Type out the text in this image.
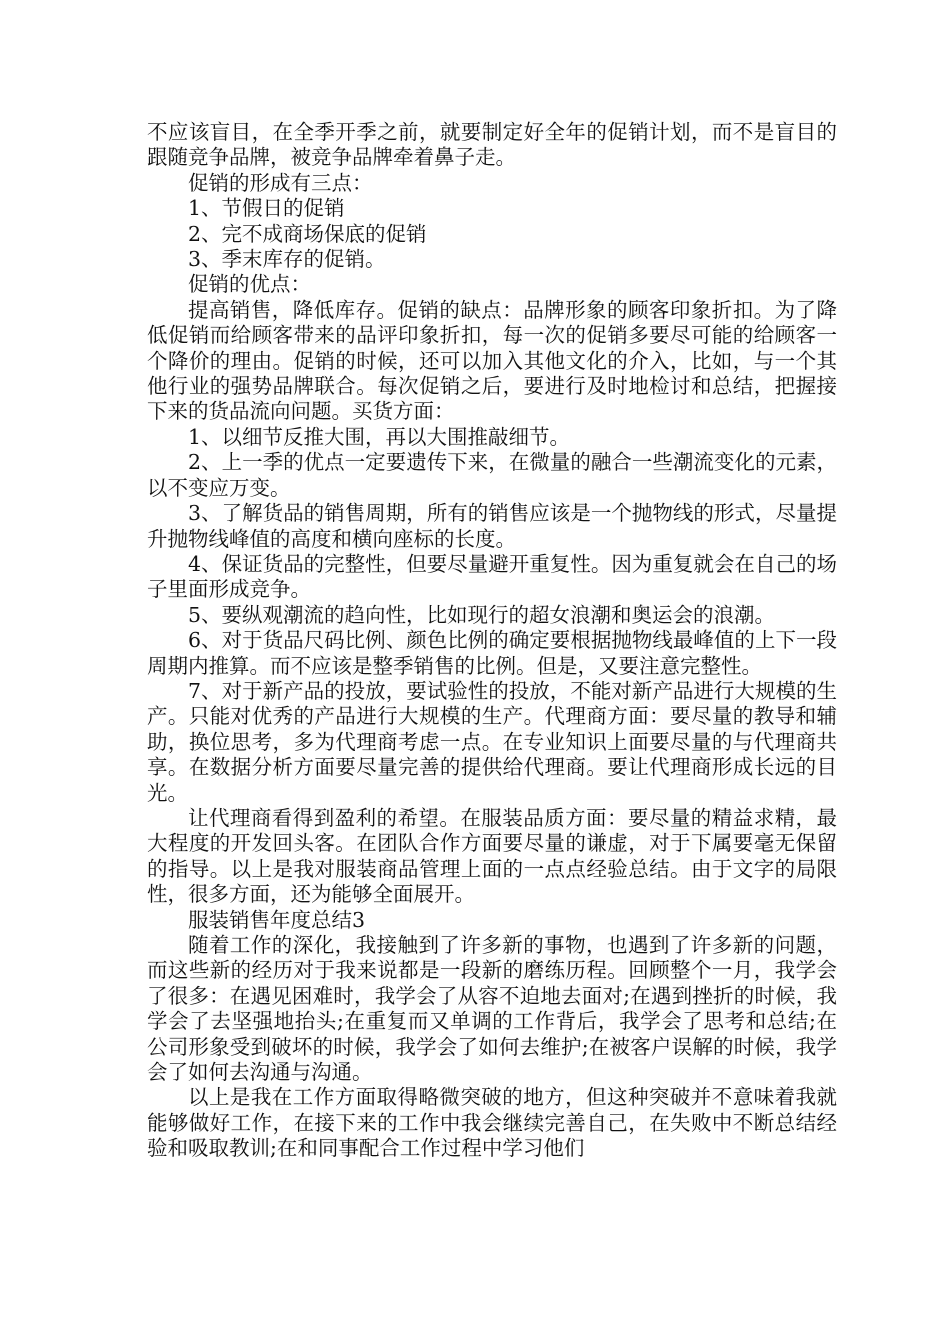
不应该盲目，在全季开季之前，就要制定好全年的促销计划，而不是盲目的跟随竞争品牌，被竞争品牌牵着鼻子走。

促销的形成有三点：

1、节假日的促销

2、完不成商场保底的促销

3、季末库存的促销。

促销的优点：

提高销售，降低库存。促销的缺点：品牌形象的顾客印象折扣。为了降低促销而给顾客带来的品评印象折扣，每一次的促销多要尽可能的给顾客一个降价的理由。促销的时候，还可以加入其他文化的介入，比如，与一个其他行业的强势品牌联合。每次促销之后，要进行及时地检讨和总结，把握接下来的货品流向问题。买货方面：

1、以细节反推大围，再以大围推敲细节。

2、上一季的优点一定要遗传下来，在微量的融合一些潮流变化的元素，以不变应万变。

3、了解货品的销售周期，所有的销售应该是一个抛物线的形式，尽量提升抛物线峰值的高度和横向座标的长度。

4、保证货品的完整性，但要尽量避开重复性。因为重复就会在自己的场子里面形成竞争。

5、要纵观潮流的趋向性，比如现行的超女浪潮和奥运会的浪潮。

6、对于货品尺码比例、颜色比例的确定要根据抛物线最峰值的上下一段周期内推算。而不应该是整季销售的比例。但是，又要注意完整性。

7、对于新产品的投放，要试验性的投放，不能对新产品进行大规模的生产。只能对优秀的产品进行大规模的生产。代理商方面：要尽量的教导和辅助，换位思考，多为代理商考虑一点。在专业知识上面要尽量的与代理商共享。在数据分析方面要尽量完善的提供给代理商。要让代理商形成长远的目光。

让代理商看得到盈利的希望。在服装品质方面：要尽量的精益求精，最大程度的开发回头客。在团队合作方面要尽量的谦虚，对于下属要毫无保留的指导。以上是我对服装商品管理上面的一点点经验总结。由于文字的局限性，很多方面，还为能够全面展开。

服装销售年度总结3

随着工作的深化，我接触到了许多新的事物，也遇到了许多新的问题，而这些新的经历对于我来说都是一段新的磨练历程。回顾整个一月，我学会了很多：在遇见困难时，我学会了从容不迫地去面对;在遇到挫折的时候，我学会了去坚强地抬头;在重复而又单调的工作背后，我学会了思考和总结;在公司形象受到破坏的时候，我学会了如何去维护;在被客户误解的时候，我学会了如何去沟通与沟通。

以上是我在工作方面取得略微突破的地方，但这种突破并不意味着我就能够做好工作，在接下来的工作中我会继续完善自己，在失败中不断总结经验和吸取教训;在和同事配合工作过程中学习他们
